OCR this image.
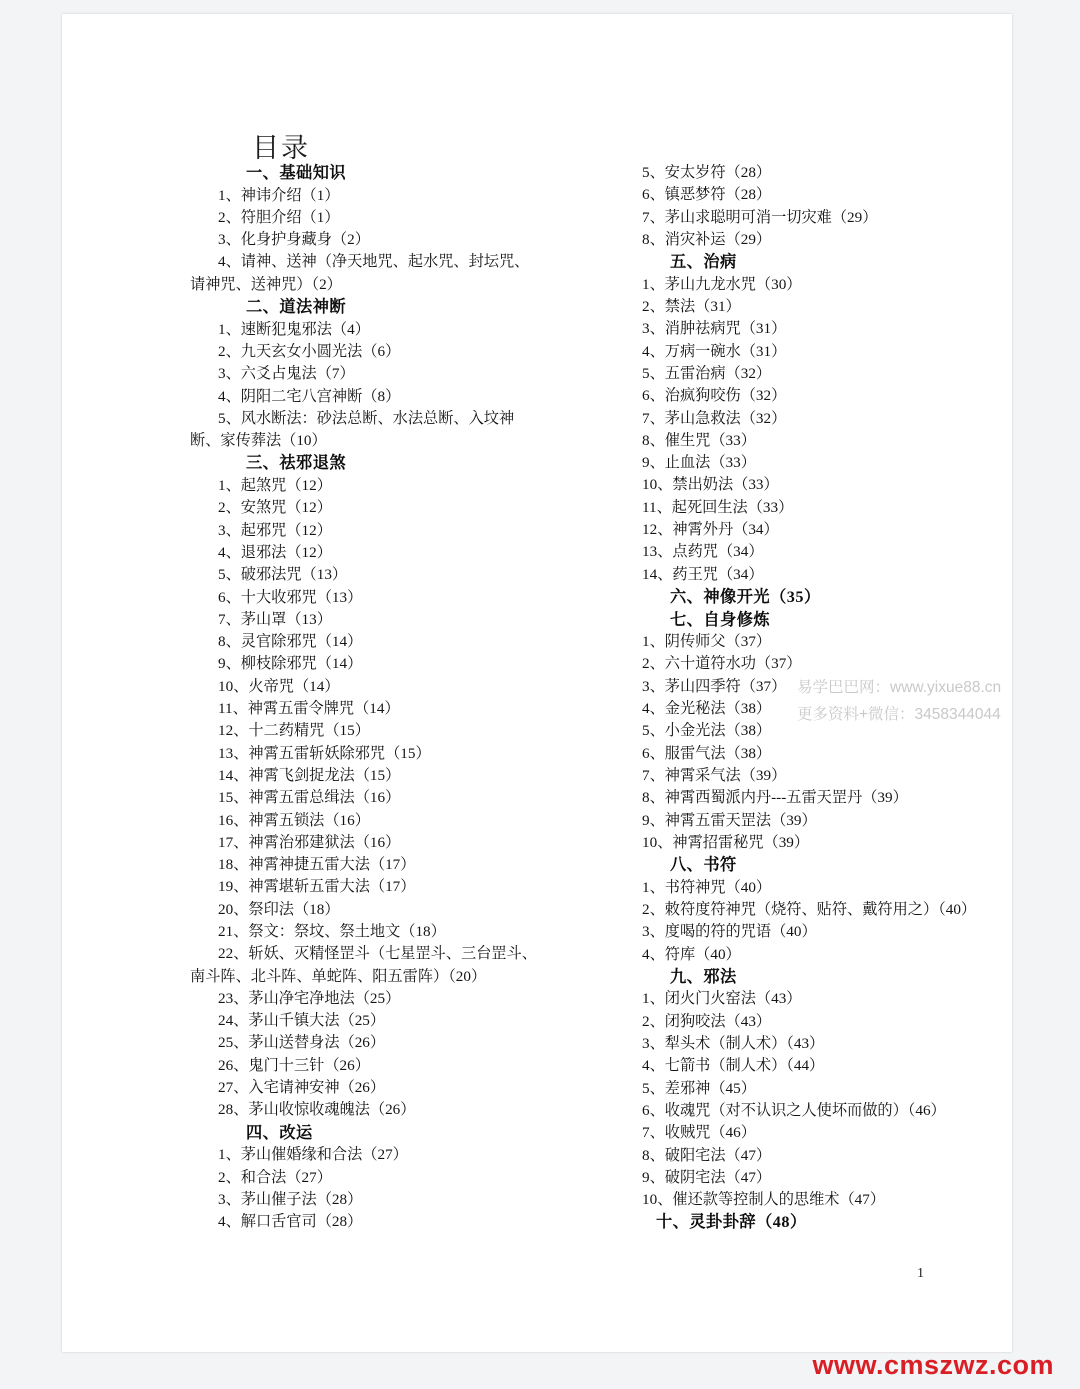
目录
一、基础知识
1、神讳介绍（1）
2、符胆介绍（1）
3、化身护身藏身（2）
4、请神、送神（净天地咒、起水咒、封坛咒、
请神咒、送神咒）（2）
二、道法神断
1、速断犯鬼邪法（4）
2、九天玄女小圆光法（6）
3、六爻占鬼法（7）
4、阴阳二宅八宫神断（8）
5、风水断法：砂法总断、水法总断、入坟神
断、家传葬法（10）
三、祛邪退煞
1、起煞咒（12）
2、安煞咒（12）
3、起邪咒（12）
4、退邪法（12）
5、破邪法咒（13）
6、十大收邪咒（13）
7、茅山罩（13）
8、灵官除邪咒（14）
9、柳枝除邪咒（14）
10、火帝咒（14）
11、神霄五雷令牌咒（14）
12、十二药精咒（15）
13、神霄五雷斩妖除邪咒（15）
14、神霄飞剑捉龙法（15）
15、神霄五雷总缉法（16）
16、神霄五锁法（16）
17、神霄治邪建狱法（16）
18、神霄神捷五雷大法（17）
19、神霄堪斩五雷大法（17）
20、祭印法（18）
21、祭文：祭坟、祭土地文（18）
22、斩妖、灭精怪罡斗（七星罡斗、三台罡斗、
南斗阵、北斗阵、单蛇阵、阳五雷阵）（20）
23、茅山净宅净地法（25）
24、茅山千镇大法（25）
25、茅山送替身法（26）
26、鬼门十三针（26）
27、入宅请神安神（26）
28、茅山收惊收魂魄法（26）
四、改运
1、茅山催婚缘和合法（27）
2、和合法（27）
3、茅山催子法（28）
4、解口舌官司（28）
5、安太岁符（28）
6、镇恶梦符（28）
7、茅山求聪明可消一切灾难（29）
8、消灾补运（29）
五、治病
1、茅山九龙水咒（30）
2、禁法（31）
3、消肿祛病咒（31）
4、万病一碗水（31）
5、五雷治病（32）
6、治疯狗咬伤（32）
7、茅山急救法（32）
8、催生咒（33）
9、止血法（33）
10、禁出奶法（33）
11、起死回生法（33）
12、神霄外丹（34）
13、点药咒（34）
14、药王咒（34）
六、神像开光（35）
七、自身修炼
1、阴传师父（37）
2、六十道符水功（37）
3、茅山四季符（37）
4、金光秘法（38）
5、小金光法（38）
6、服雷气法（38）
7、神霄采气法（39）
8、神霄西蜀派内丹---五雷天罡丹（39）
9、神霄五雷天罡法（39）
10、神霄招雷秘咒（39）
八、书符
1、书符神咒（40）
2、敕符度符神咒（烧符、贴符、戴符用之）（40）
3、度喝的符的咒语（40）
4、符库（40）
九、邪法
1、闭火门火窑法（43）
2、闭狗咬法（43）
3、犁头术（制人术）（43）
4、七箭书（制人术）（44）
5、差邪神（45）
6、收魂咒（对不认识之人使坏而做的）（46）
7、收贼咒（46）
8、破阳宅法（47）
9、破阴宅法（47）
10、催还款等控制人的思维术（47）
十、灵卦卦辞（48）
易学巴巴网：www.yixue88.cn
更多资料+微信：3458344044
1
www.cmszwz.com
